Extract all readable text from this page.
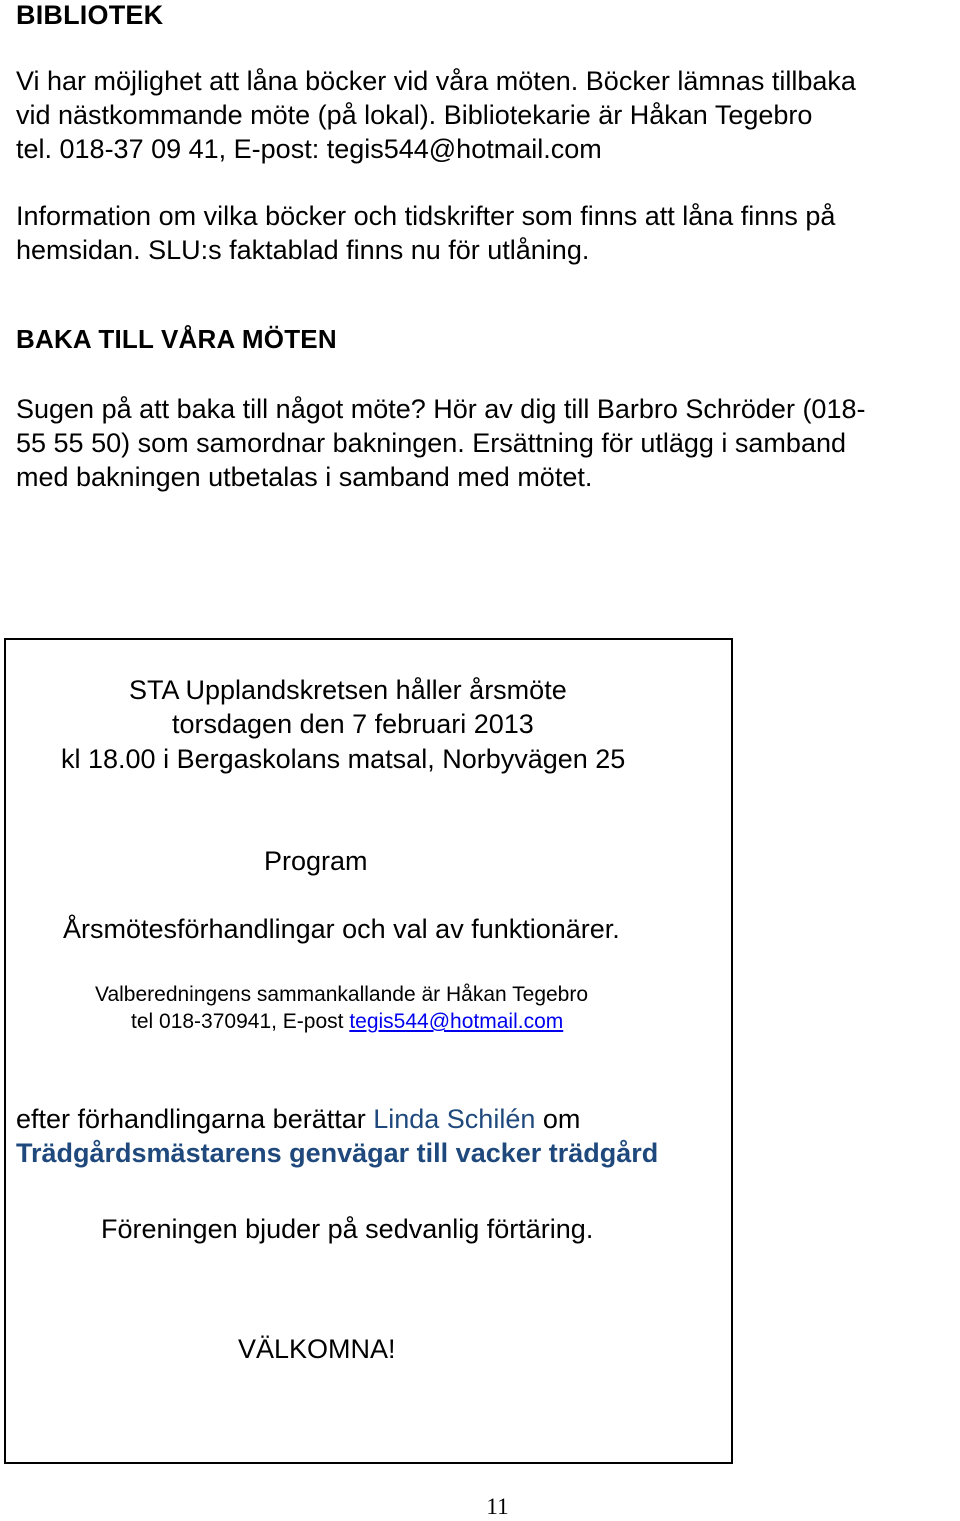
BIBLIOTEK
Vi har möjlighet att låna böcker vid våra möten. Böcker lämnas tillbaka
vid nästkommande möte (på lokal). Bibliotekarie är Håkan Tegebro
tel. 018-37 09 41, E-post: tegis544@hotmail.com
Information om vilka böcker och tidskrifter som finns att låna finns på
hemsidan. SLU:s faktablad finns nu för utlåning.
BAKA TILL VÅRA MÖTEN
Sugen på att baka till något möte? Hör av dig till Barbro Schröder (018-
55 55 50) som samordnar bakningen. Ersättning för utlägg i samband
med bakningen utbetalas i samband med mötet.

STA Upplandskretsen håller årsmöte

torsdagen den 7 februari 2013

kl 18.00 i Bergaskolans matsal, Norbyvägen 25

Program

Årsmötesförhandlingar och val av funktionärer.

Valberedningens sammankallande är Håkan Tegebro

tel 018-370941, E-post tegis544@hotmail.com

efter förhandlingarna berättar Linda Schilén om

Trädgårdsmästarens genvägar till vacker trädgård

Föreningen bjuder på sedvanlig förtäring.

VÄLKOMNA!

11
